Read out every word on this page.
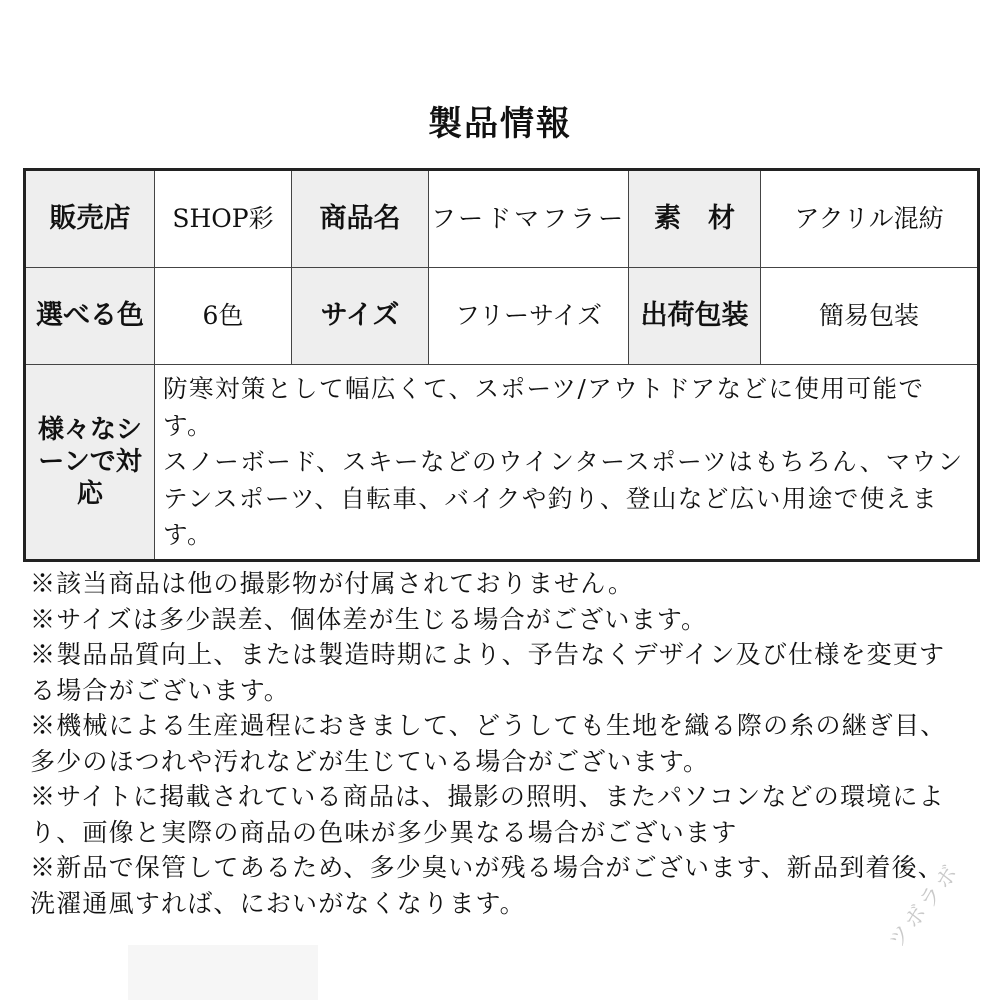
製品情報
販売店	SHOP彩	商品名	フードマフラー	素　材	アクリル混紡
選べる色	6色	サイズ	フリーサイズ	出荷包装	簡易包装
様々なシーンで対応	防寒対策として幅広くて、スポーツ/アウトドアなどに使用可能です。

スノーボード、スキーなどのウインタースポーツはもちろん、マウンテンスポーツ、自転車、バイクや釣り、登山など広い用途で使えます。				

※該当商品は他の撮影物が付属されておりません。

※サイズは多少誤差、個体差が生じる場合がございます。

※製品品質向上、または製造時期により、予告なくデザイン及び仕様を変更する場合がございます。

※機械による生産過程におきまして、どうしても生地を織る際の糸の継ぎ目、多少のほつれや汚れなどが生じている場合がございます。

※サイトに掲載されている商品は、撮影の照明、またパソコンなどの環境により、画像と実際の商品の色味が多少異なる場合がございます

※新品で保管してあるため、多少臭いが残る場合がございます、新品到着後、洗濯通風すれば、においがなくなります。	ツボラボ
